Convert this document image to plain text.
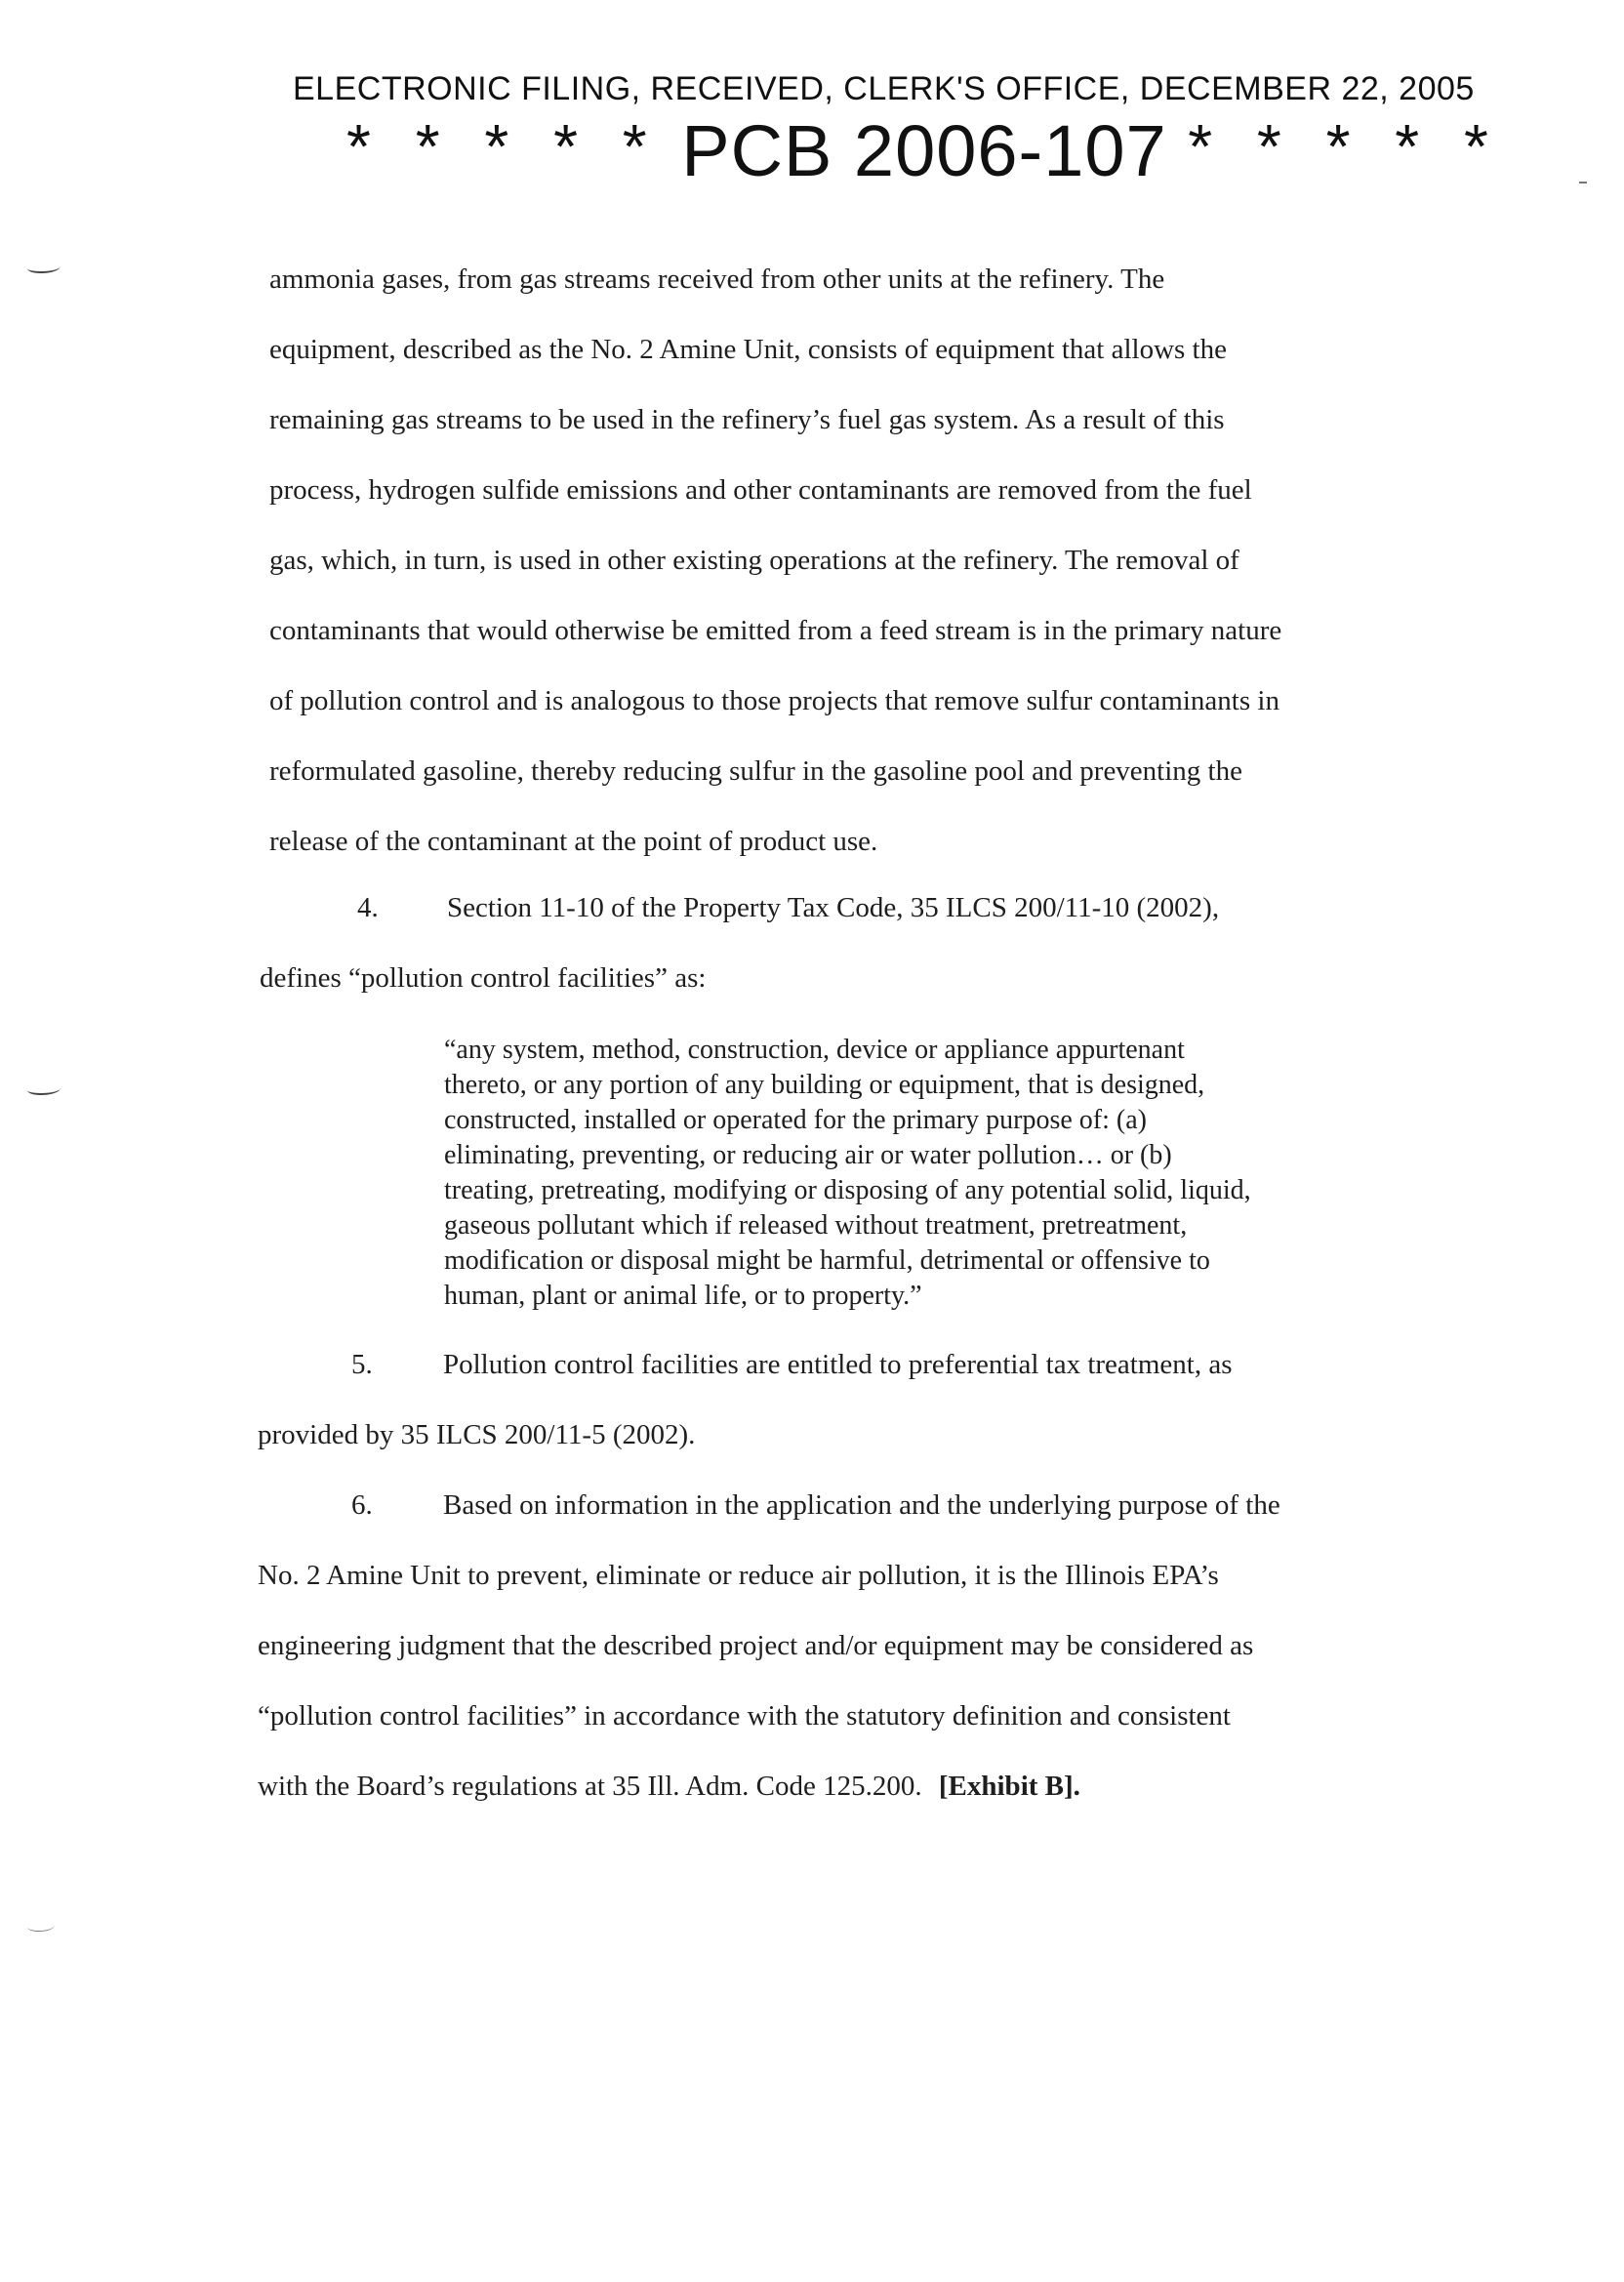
ELECTRONIC FILING, RECEIVED, CLERK'S OFFICE, DECEMBER 22, 2005
* * * * * PCB 2006-107 * * * * *
ammonia gases, from gas streams received from other units at the refinery. The
equipment, described as the No. 2 Amine Unit, consists of equipment that allows the
remaining gas streams to be used in the refinery’s fuel gas system. As a result of this
process, hydrogen sulfide emissions and other contaminants are removed from the fuel
gas, which, in turn, is used in other existing operations at the refinery. The removal of
contaminants that would otherwise be emitted from a feed stream is in the primary nature
of pollution control and is analogous to those projects that remove sulfur contaminants in
reformulated gasoline, thereby reducing sulfur in the gasoline pool and preventing the
release of the contaminant at the point of product use.
4. Section 11-10 of the Property Tax Code, 35 ILCS 200/11-10 (2002),
defines “pollution control facilities” as:
“any system, method, construction, device or appliance appurtenant
thereto, or any portion of any building or equipment, that is designed,
constructed, installed or operated for the primary purpose of: (a)
eliminating, preventing, or reducing air or water pollution… or (b)
treating, pretreating, modifying or disposing of any potential solid, liquid,
gaseous pollutant which if released without treatment, pretreatment,
modification or disposal might be harmful, detrimental or offensive to
human, plant or animal life, or to property.”
5. Pollution control facilities are entitled to preferential tax treatment, as
provided by 35 ILCS 200/11-5 (2002).
6. Based on information in the application and the underlying purpose of the
No. 2 Amine Unit to prevent, eliminate or reduce air pollution, it is the Illinois EPA’s
engineering judgment that the described project and/or equipment may be considered as
“pollution control facilities” in accordance with the statutory definition and consistent
with the Board’s regulations at 35 Ill. Adm. Code 125.200. [Exhibit B].
